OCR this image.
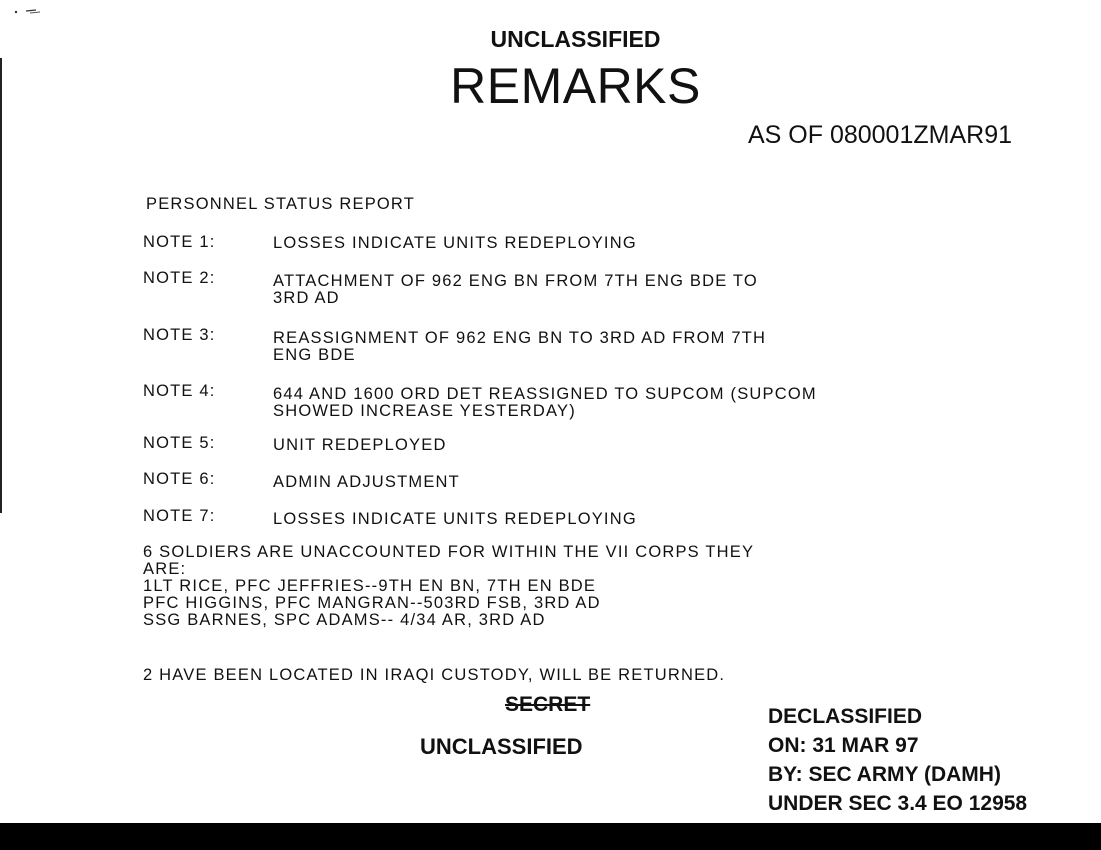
UNCLASSIFIED
REMARKS
AS OF 080001ZMAR91
PERSONNEL STATUS REPORT
NOTE 1:	LOSSES INDICATE UNITS REDEPLOYING
NOTE 2:	ATTACHMENT OF 962 ENG BN FROM 7TH ENG BDE TO
3RD AD
NOTE 3:	REASSIGNMENT OF 962 ENG BN TO 3RD AD FROM 7TH
ENG BDE
NOTE 4:	644 AND 1600 ORD DET REASSIGNED TO SUPCOM (SUPCOM
SHOWED INCREASE YESTERDAY)
NOTE 5:	UNIT REDEPLOYED
NOTE 6:	ADMIN ADJUSTMENT
NOTE 7:	LOSSES INDICATE UNITS REDEPLOYING
6 SOLDIERS ARE UNACCOUNTED FOR WITHIN THE VII CORPS THEY
ARE:
1LT RICE, PFC JEFFRIES--9TH EN BN, 7TH EN BDE
PFC HIGGINS, PFC MANGRAN--503RD FSB, 3RD AD
SSG BARNES, SPC ADAMS-- 4/34 AR, 3RD AD
2 HAVE BEEN LOCATED IN IRAQI CUSTODY, WILL BE RETURNED.
SECRET
UNCLASSIFIED
DECLASSIFIED
ON: 31 MAR 97
BY: SEC ARMY (DAMH)
UNDER SEC 3.4 EO 12958
